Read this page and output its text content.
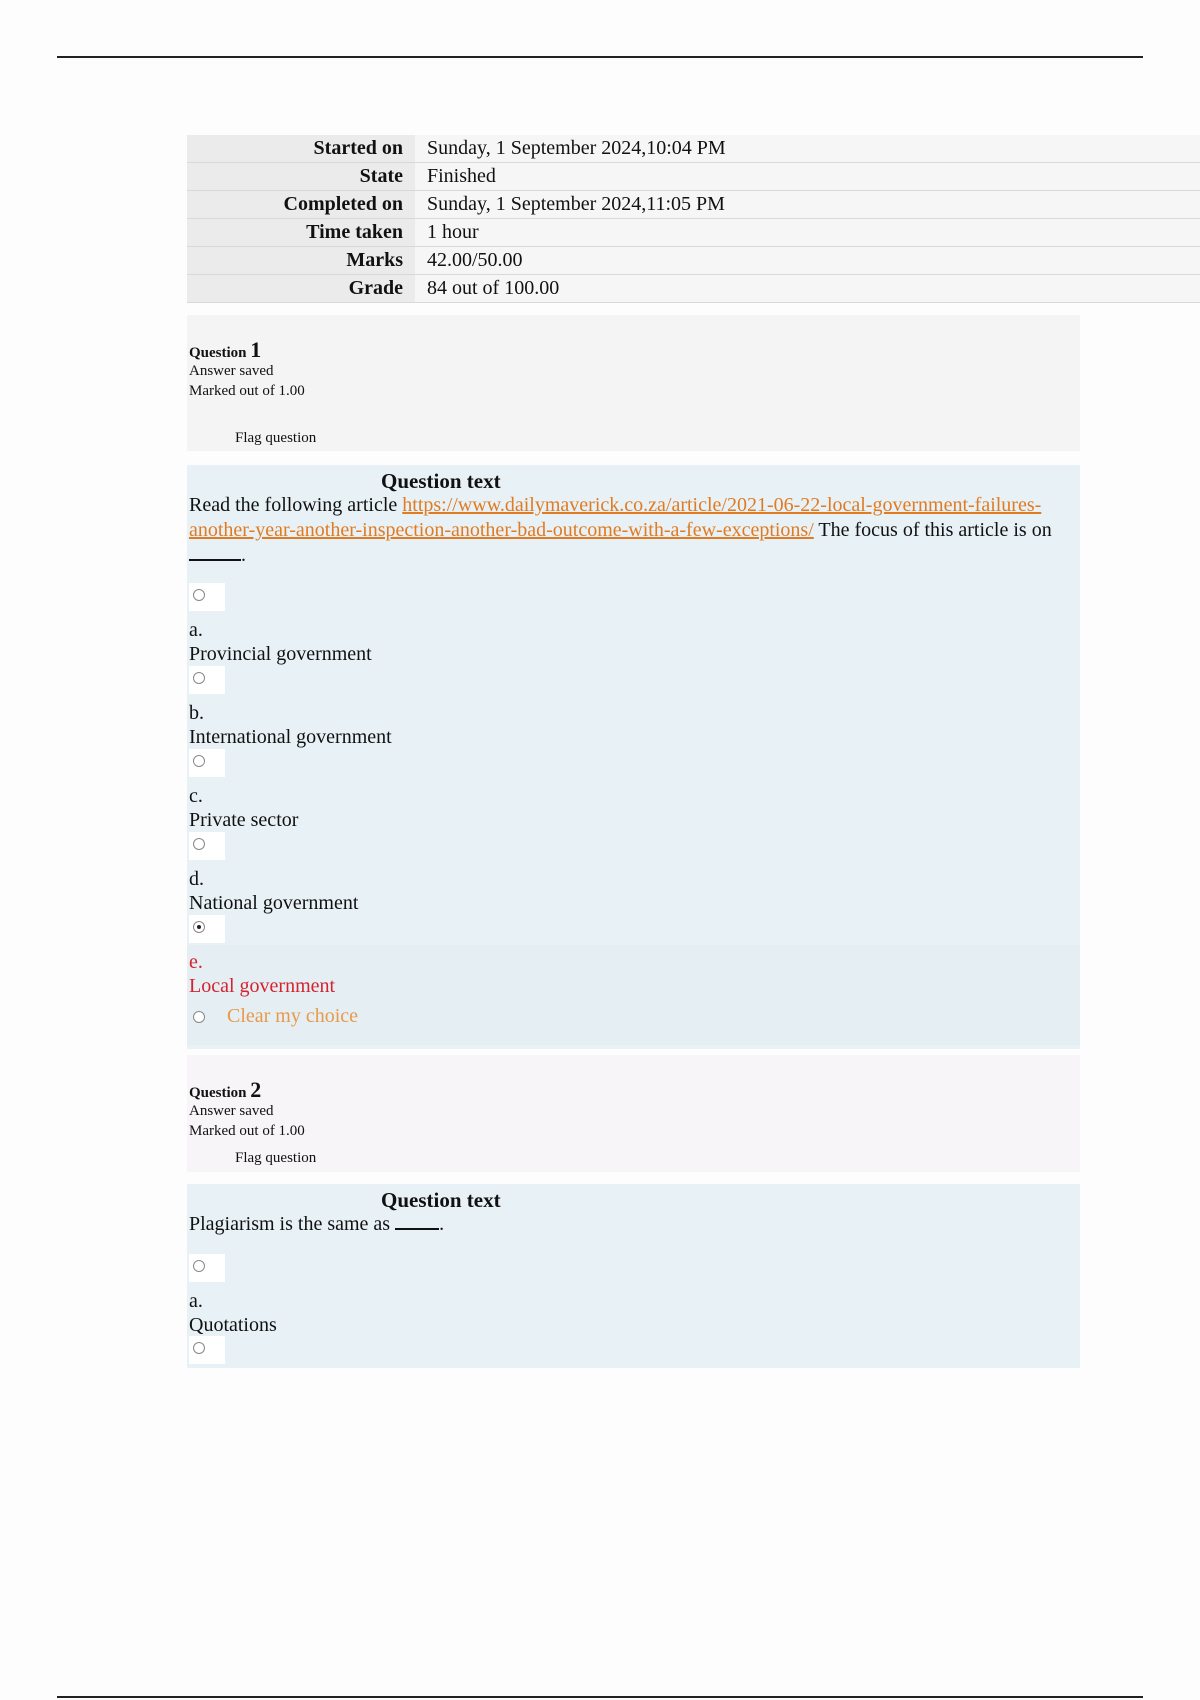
Started on	Sunday, 1 September 2024,10:04 PM
State	Finished
Completed on	Sunday, 1 September 2024,11:05 PM
Time taken	1 hour
Marks	42.00/50.00
Grade	84 out of 100.00
Question 1
Answer saved
Marked out of 1.00
Flag question
Question text
Read the following article https://www.dailymaverick.co.za/article/2021-06-22-local-government-failures-another-year-another-inspection-another-bad-outcome-with-a-few-exceptions/ The focus of this article is on .
a.
Provincial government
b.
International government
c.
Private sector
d.
National government
e.
Local government
Clear my choice
Question 2
Answer saved
Marked out of 1.00
Flag question
Question text
Plagiarism is the same as .
a.
Quotations
